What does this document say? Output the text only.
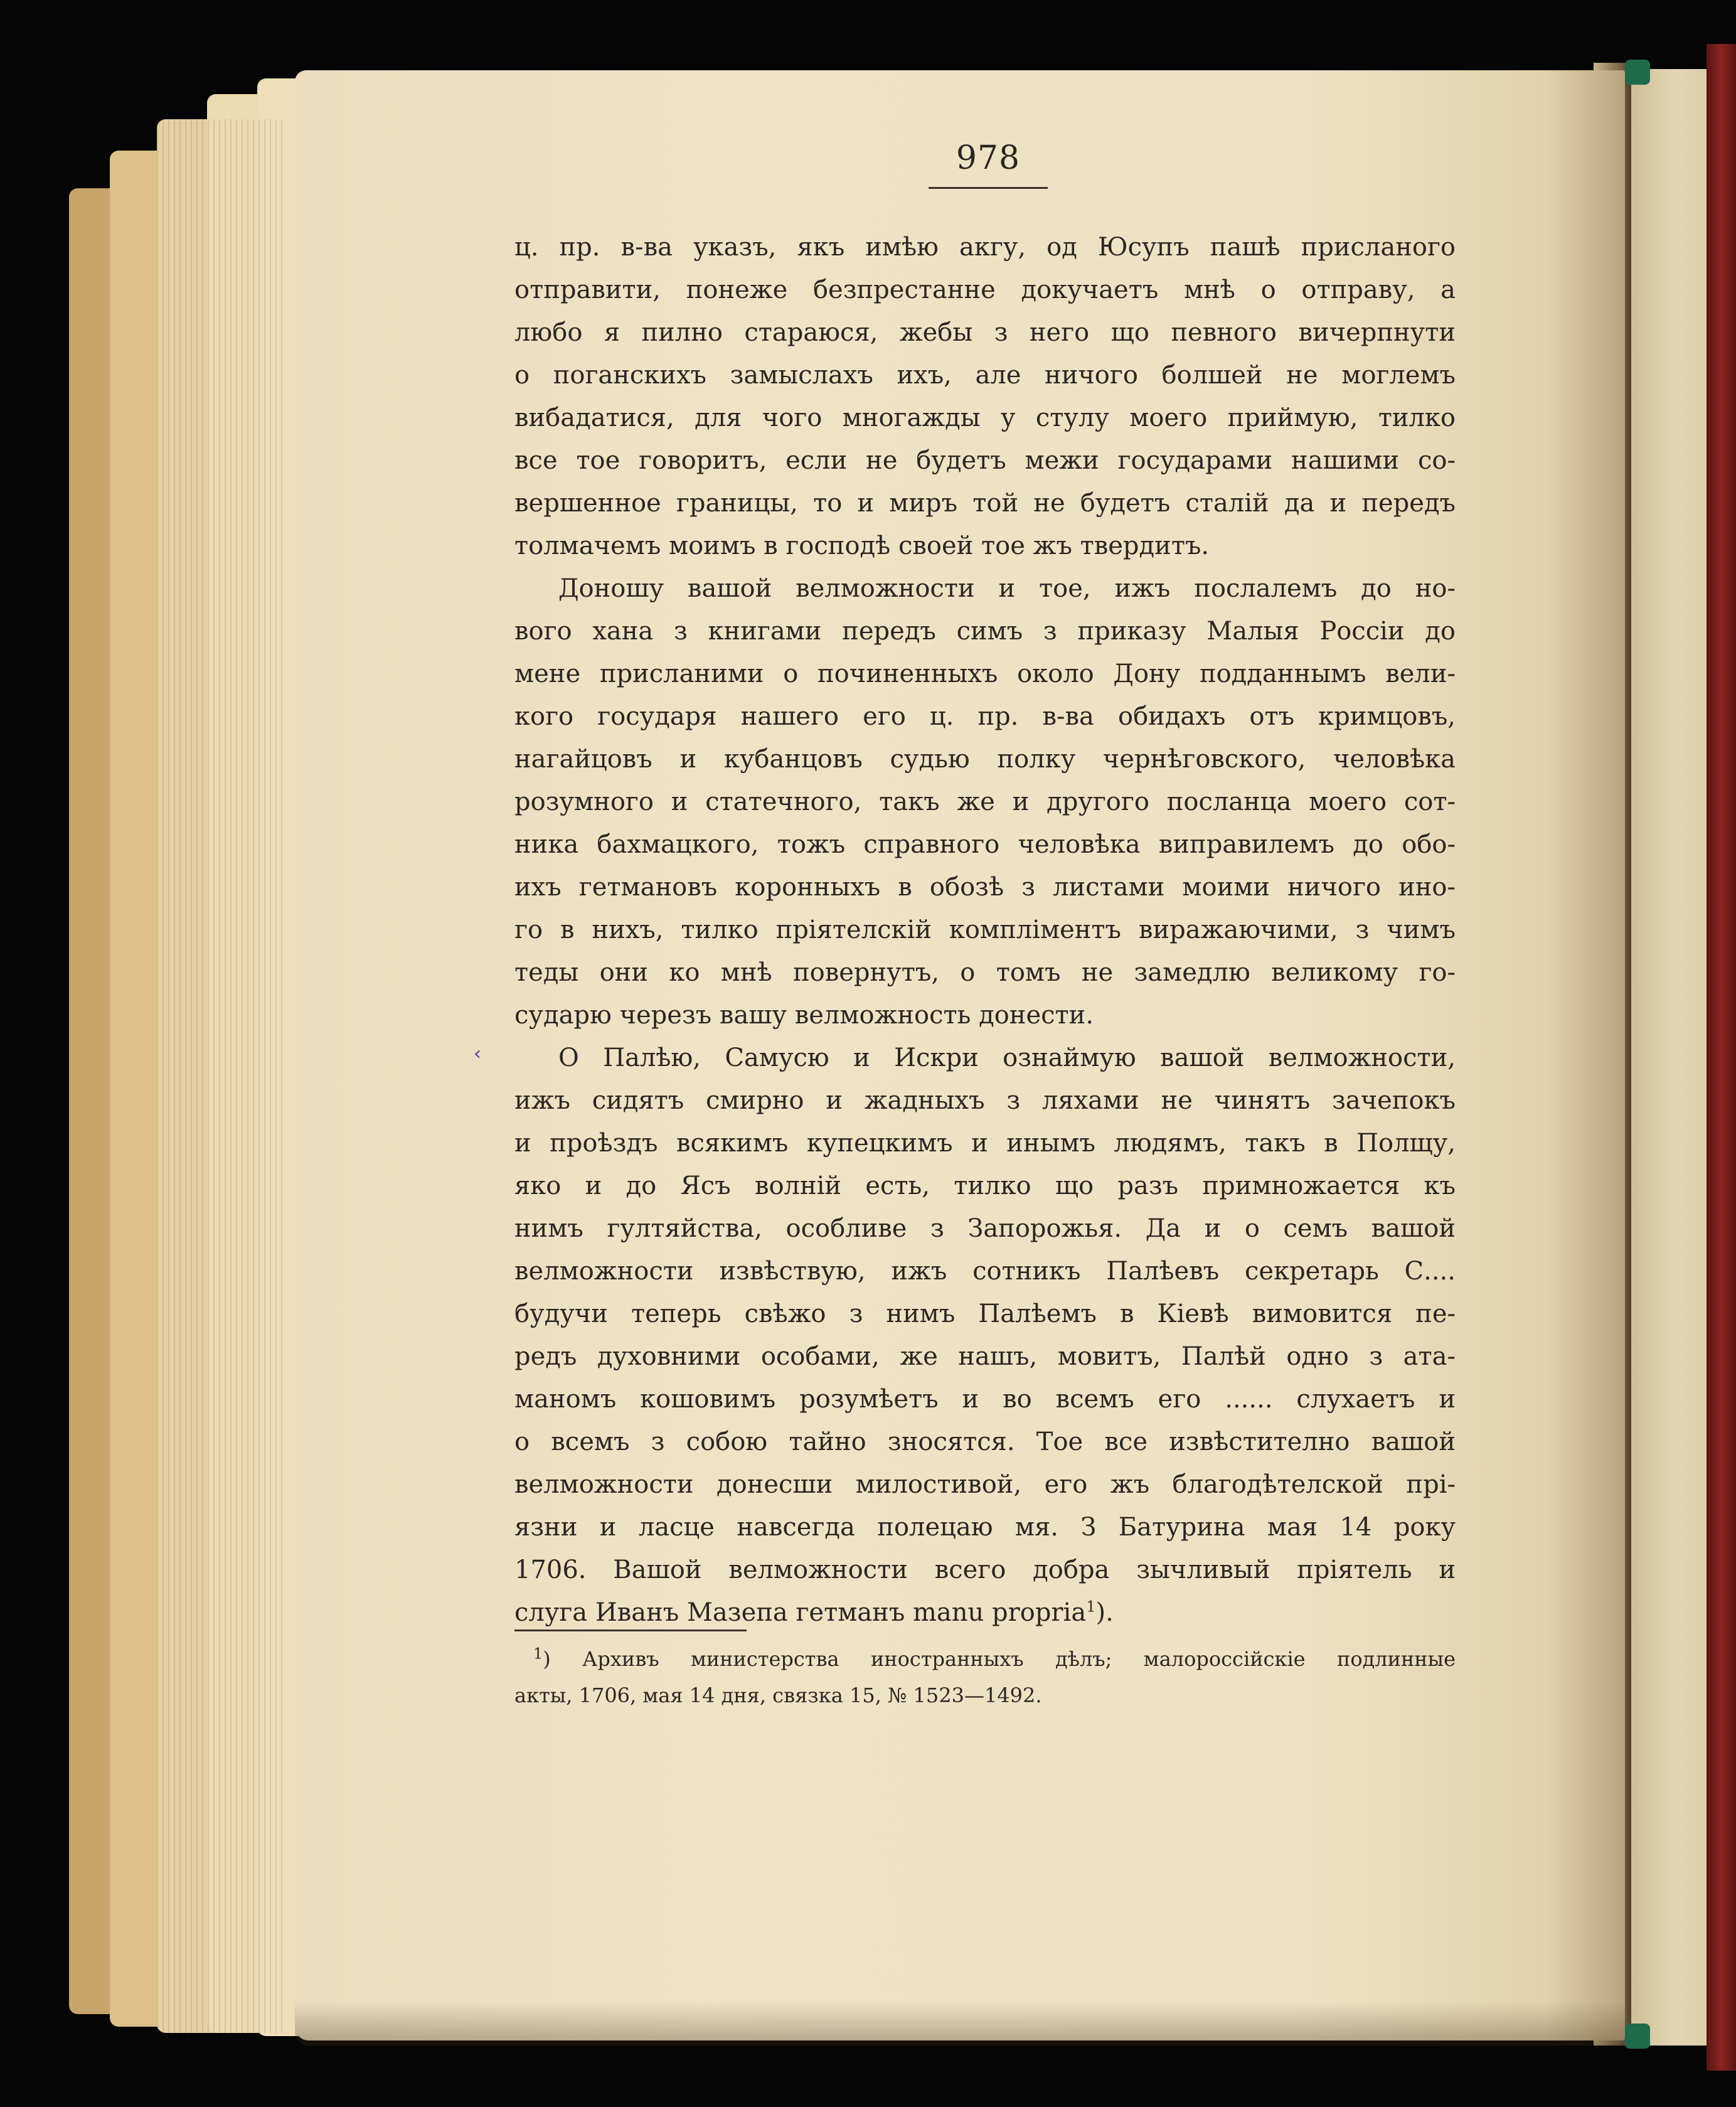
978
‹
ц. пр. в-ва указъ, якъ имѣю акгу, од Юсупъ пашѣ присланого
отправити, понеже безпрестанне докучаетъ мнѣ о отправу, а
любо я пилно стараюся, жебы з него що певного вичерпнути
о поганскихъ замыслахъ ихъ, але ничого болшей не моглемъ
вибадатися, для чого многажды у стулу моего приймую, тилко
все тое говоритъ, если не будетъ межи государами нашими со-
вершенное границы, то и миръ той не будетъ сталій да и передъ
толмачемъ моимъ в господѣ своей тое жъ твердитъ.
Доношу вашой велможности и тое, ижъ послалемъ до но-
вого хана з книгами передъ симъ з приказу Малыя Россіи до
мене присланими о починенныхъ около Дону подданнымъ вели-
кого государя нашего его ц. пр. в-ва обидахъ отъ кримцовъ,
нагайцовъ и кубанцовъ судью полку чернѣговского, человѣка
розумного и статечного, такъ же и другого посланца моего сот-
ника бахмацкого, тожъ справного человѣка виправилемъ до обо-
ихъ гетмановъ коронныхъ в обозѣ з листами моими ничого ино-
го в нихъ, тилко пріятелскій компліментъ виражаючими, з чимъ
теды они ко мнѣ повернутъ, о томъ не замедлю великому го-
сударю черезъ вашу велможность донести.
О Палѣю, Самусю и Искри ознаймую вашой велможности,
ижъ сидятъ смирно и жадныхъ з ляхами не чинятъ зачепокъ
и проѣздъ всякимъ купецкимъ и инымъ людямъ, такъ в Полщу,
яко и до Ясъ волній есть, тилко що разъ примножается къ
нимъ гултяйства, особливе з Запорожья. Да и о семъ вашой
велможности извѣствую, ижъ сотникъ Палѣевъ секретарь С....
будучи теперь свѣжо з нимъ Палѣемъ в Кіевѣ вимовится пе-
редъ духовними особами, же нашъ, мовитъ, Палѣй одно з ата-
маномъ кошовимъ розумѣетъ и во всемъ его ...... слухаетъ и
о всемъ з собою тайно зносятся. Тое все извѣстително вашой
велможности донесши милостивой, его жъ благодѣтелской прі-
язни и ласце навсегда полецаю мя. З Батурина мая 14 року
1706. Вашой велможности всего добра зычливый пріятель и
слуга Иванъ Мазепа гетманъ manu propria$^1$).
$^1$) Архивъ министерства иностранныхъ дѣлъ; малороссійскіе подлинные
акты, 1706, мая 14 дня, связка 15, № 1523—1492.
